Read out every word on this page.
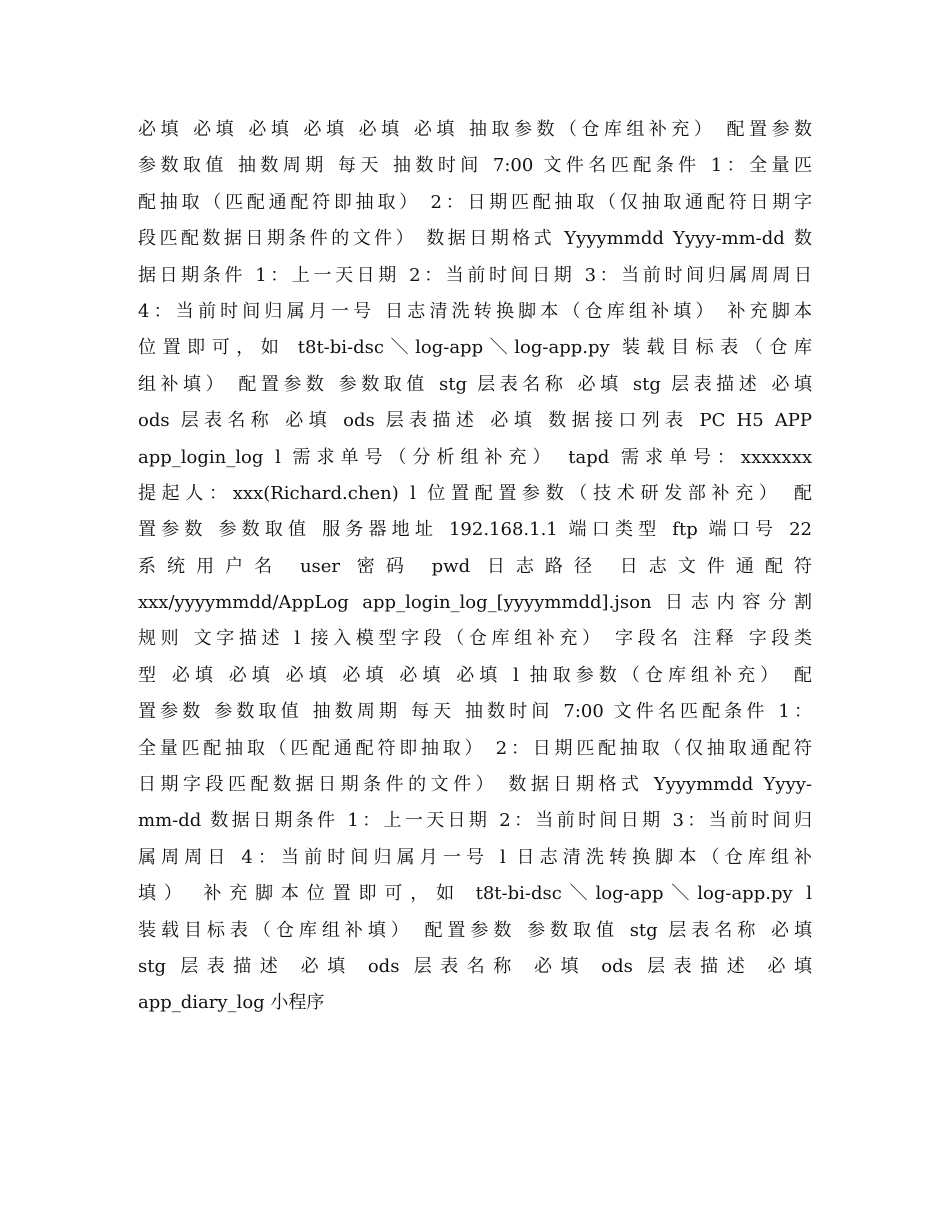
必填 必填 必填 必填 必填 必填 抽取参数（仓库组补充） 配置参数
参数取值 抽数周期 每天 抽数时间 7:00 文件名匹配条件 1：全量匹
配抽取（匹配通配符即抽取） 2：日期匹配抽取（仅抽取通配符日期字
段匹配数据日期条件的文件） 数据日期格式 Yyyymmdd Yyyy-mm-dd 数
据日期条件 1：上一天日期 2：当前时间日期 3：当前时间归属周周日
4：当前时间归属月一号 日志清洗转换脚本（仓库组补填） 补充脚本
位置即可，如 t8t-bi-dsc＼log-app＼log-app.py 装载目标表（仓库
组补填） 配置参数 参数取值 stg 层表名称 必填 stg 层表描述 必填
ods 层表名称 必填 ods 层表描述 必填 数据接口列表 PC H5 APP
app_login_log l 需求单号（分析组补充） tapd 需求单号：xxxxxxx
提起人：xxx(Richard.chen) l 位置配置参数（技术研发部补充） 配
置参数 参数取值 服务器地址 192.168.1.1 端口类型 ftp 端口号 22
系统用户名 user 密码 pwd 日志路径 日志文件通配符
xxx/yyyymmdd/AppLog app_login_log_[yyyymmdd].json 日志内容分割
规则 文字描述 l 接入模型字段（仓库组补充） 字段名 注释 字段类
型 必填 必填 必填 必填 必填 必填 l 抽取参数（仓库组补充） 配
置参数 参数取值 抽数周期 每天 抽数时间 7:00 文件名匹配条件 1：
全量匹配抽取（匹配通配符即抽取） 2：日期匹配抽取（仅抽取通配符
日期字段匹配数据日期条件的文件） 数据日期格式 Yyyymmdd Yyyy-
mm-dd 数据日期条件 1：上一天日期 2：当前时间日期 3：当前时间归
属周周日 4：当前时间归属月一号 l 日志清洗转换脚本（仓库组补
填） 补充脚本位置即可，如 t8t-bi-dsc＼log-app＼log-app.py l
装载目标表（仓库组补填） 配置参数 参数取值 stg 层表名称 必填
stg 层表描述 必填 ods 层表名称 必填 ods 层表描述 必填
app_diary_log 小程序
